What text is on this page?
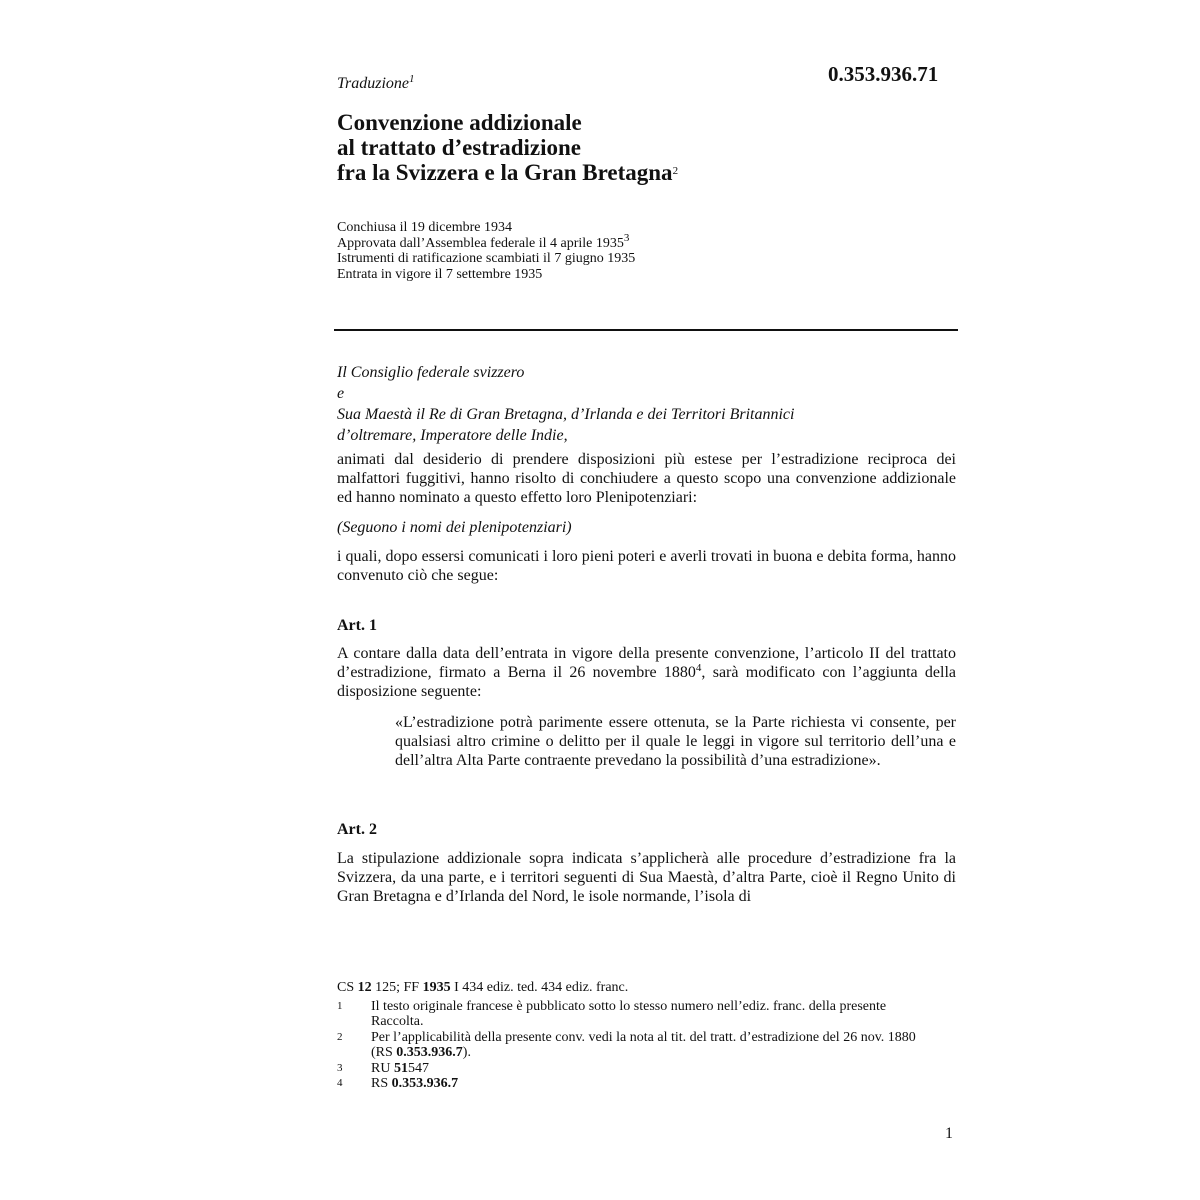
Traduzione$^1$	0.353.936.71
Convenzione addizionale
al trattato d’estradizione
fra la Svizzera e la Gran Bretagna$^2$
Conchiusa il 19 dicembre 1934
Approvata dall’Assemblea federale il 4 aprile 1935$^3$
Istrumenti di ratificazione scambiati il 7 giugno 1935
Entrata in vigore il 7 settembre 1935
Il Consiglio federale svizzero
e
Sua Maestà il Re di Gran Bretagna, d’Irlanda e dei Territori Britannici
d’oltremare, Imperatore delle Indie,

animati dal desiderio di prendere disposizioni più estese per l’estradizione reciproca dei malfattori fuggitivi, hanno risolto di conchiudere a questo scopo una convenzione addizionale ed hanno nominato a questo effetto loro Plenipotenziari:

(Seguono i nomi dei plenipotenziari)

i quali, dopo essersi comunicati i loro pieni poteri e averli trovati in buona e debita forma, hanno convenuto ciò che segue:

Art. 1

A contare dalla data dell’entrata in vigore della presente convenzione, l’articolo II del trattato d’estradizione, firmato a Berna il 26 novembre 1880$^4$, sarà modificato con l’aggiunta della disposizione seguente:

«L’estradizione potrà parimente essere ottenuta, se la Parte richiesta vi consente, per qualsiasi altro crimine o delitto per il quale le leggi in vigore sul territorio dell’una e dell’altra Alta Parte contraente prevedano la possibilità d’una estradizione».

Art. 2

La stipulazione addizionale sopra indicata s’applicherà alle procedure d’estradizione fra la Svizzera, da una parte, e i territori seguenti di Sua Maestà, d’altra Parte, cioè il Regno Unito di Gran Bretagna e d’Irlanda del Nord, le isole normande, l’isola di

CS 12 125; FF 1935 I 434 ediz. ted. 434 ediz. franc.
1	Il testo originale francese è pubblicato sotto lo stesso numero nell’ediz. franc. della presente Raccolta.
2	Per l’applicabilità della presente conv. vedi la nota al tit. del tratt. d’estradizione del 26 nov. 1880 (RS 0.353.936.7).
3	RU 51547
4	RS 0.353.936.7
1
